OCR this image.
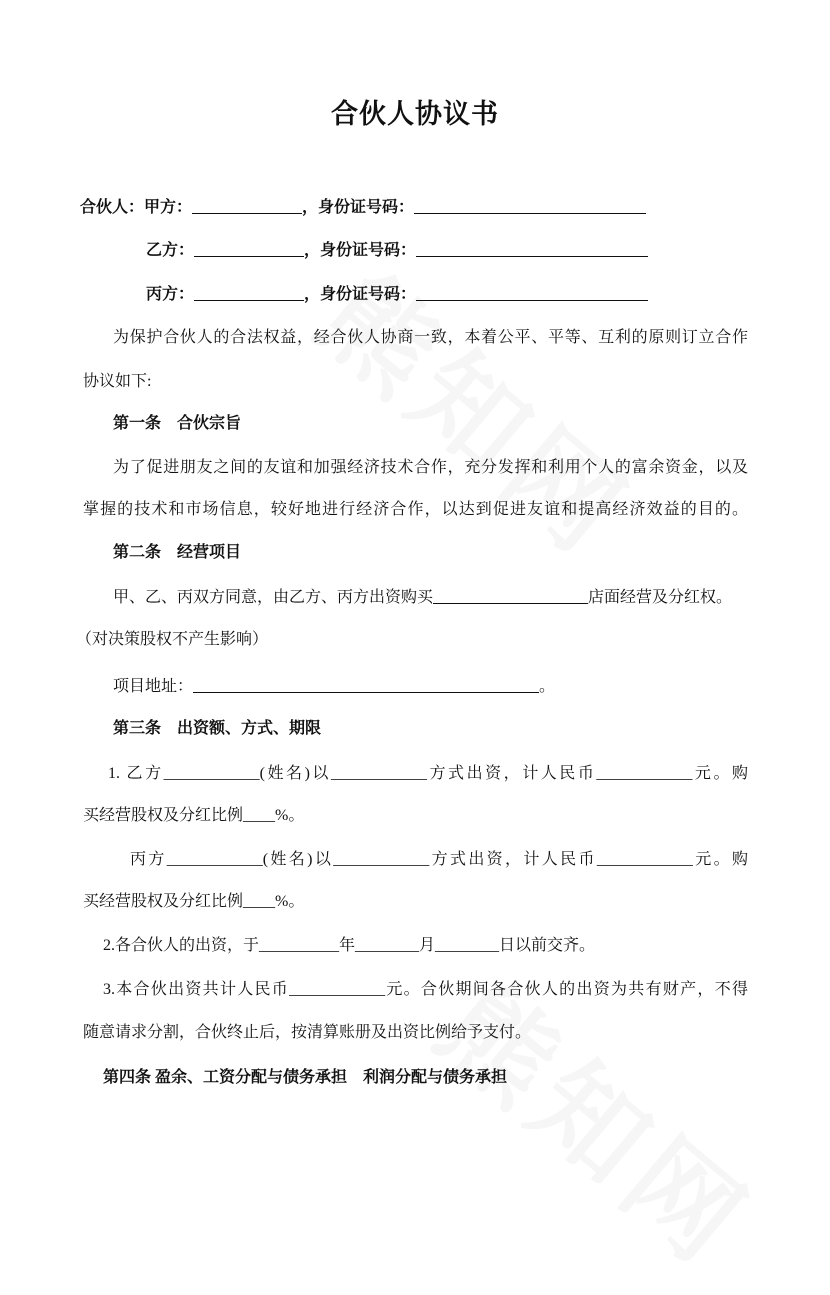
合伙人协议书
合伙人：甲方：	，身份证号码：
乙方：	，身份证号码：
丙方：	，身份证号码：
为保护合伙人的合法权益，经合伙人协商一致，本着公平、平等、互利的原则订立合作
协议如下:
第一条　合伙宗旨
为了促进朋友之间的友谊和加强经济技术合作，充分发挥和利用个人的富余资金，以及
掌握的技术和市场信息，较好地进行经济合作，以达到促进友谊和提高经济效益的目的。
第二条　经营项目
甲、乙、丙双方同意，由乙方、丙方出资购买	店面经营及分红权。
（对决策股权不产生影响）
项目地址：	。
第三条　出资额、方式、期限
1. 乙方____________(姓名)以____________方式出资，计人民币____________元。购
买经营股权及分红比例____%。
丙方____________(姓名)以____________方式出资，计人民币____________元。购
买经营股权及分红比例____%。
2.各合伙人的出资，于__________年________月________日以前交齐。
3.本合伙出资共计人民币____________元。合伙期间各合伙人的出资为共有财产，不得
随意请求分割，合伙终止后，按清算账册及出资比例给予支付。
第四条 盈余、工资分配与债务承担　利润分配与债务承担
